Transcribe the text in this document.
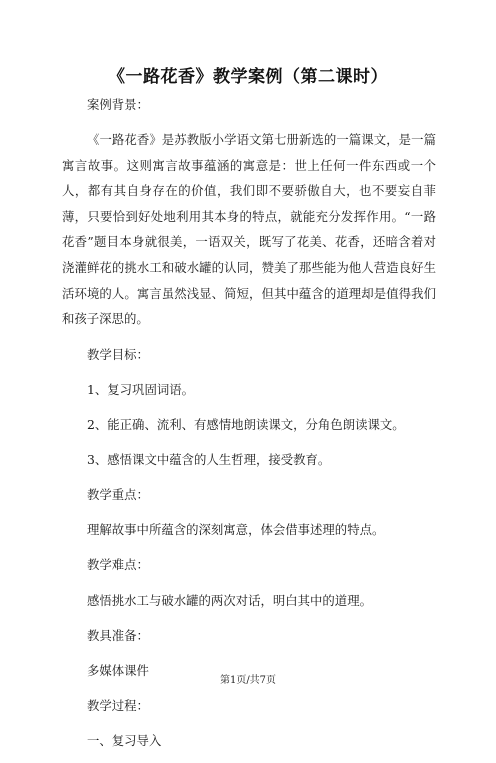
《一路花香》教学案例（第二课时）

案例背景：

《一路花香》是苏教版小学语文第七册新选的一篇课文，是一篇寓言故事。这则寓言故事蕴涵的寓意是：世上任何一件东西或一个人，都有其自身存在的价值，我们即不要骄傲自大，也不要妄自菲薄，只要恰到好处地利用其本身的特点，就能充分发挥作用。“一路花香”题目本身就很美，一语双关，既写了花美、花香，还暗含着对浇灌鲜花的挑水工和破水罐的认同，赞美了那些能为他人营造良好生活环境的人。寓言虽然浅显、简短，但其中蕴含的道理却是值得我们和孩子深思的。

教学目标：

1、复习巩固词语。

2、能正确、流利、有感情地朗读课文，分角色朗读课文。

3、感悟课文中蕴含的人生哲理，接受教育。

教学重点：

理解故事中所蕴含的深刻寓意，体会借事述理的特点。

教学难点：

感悟挑水工与破水罐的两次对话，明白其中的道理。

教具准备：

多媒体课件

教学过程：

一、复习导入

第1页/共7页
